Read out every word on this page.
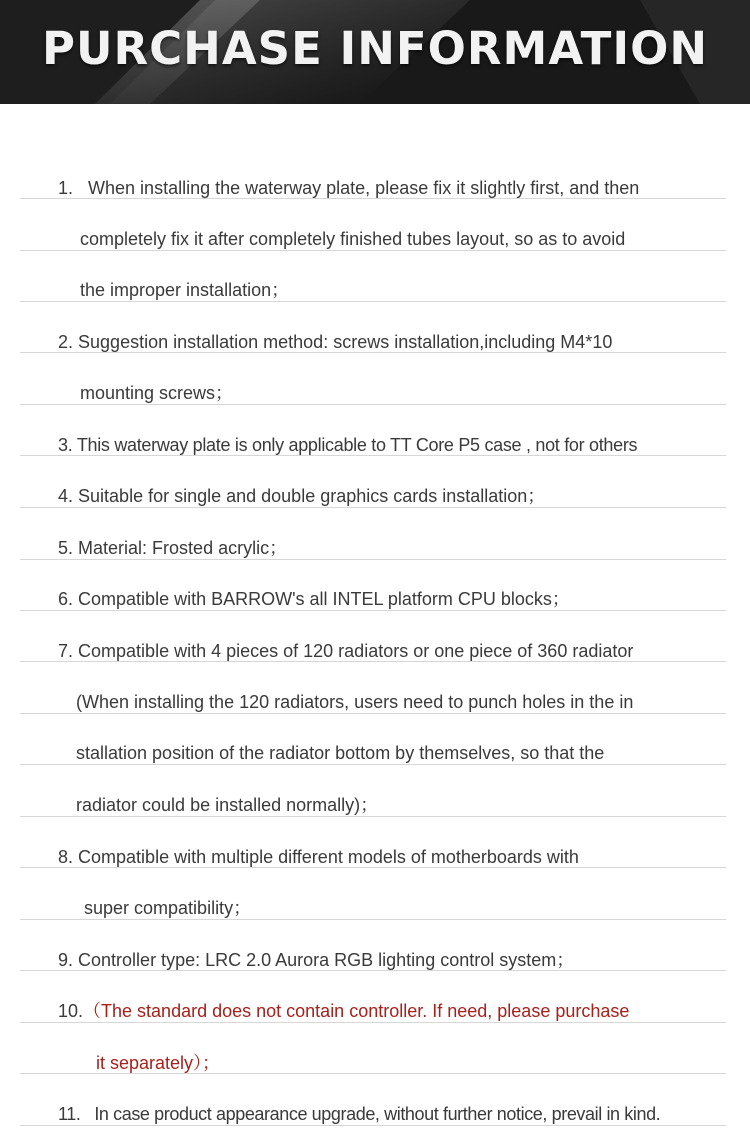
PURCHASE INFORMATION
1. When installing the waterway plate, please fix it slightly first, and then
completely fix it after completely finished tubes layout, so as to avoid
the improper installation；
2. Suggestion installation method: screws installation,including M4*10
mounting screws；
3. This waterway plate is only applicable to TT Core P5 case , not for others
4. Suitable for single and double graphics cards installation；
5. Material: Frosted acrylic；
6. Compatible with BARROW's all INTEL platform CPU blocks；
7. Compatible with 4 pieces of 120 radiators or one piece of 360 radiator
(When installing the 120 radiators, users need to punch holes in the in
stallation position of the radiator bottom by themselves, so that the
radiator could be installed normally)；
8. Compatible with multiple different models of motherboards with
super compatibility；
9. Controller type: LRC 2.0 Aurora RGB lighting control system；
10.（The standard does not contain controller. If need, please purchase
it separately）；
11. In case product appearance upgrade, without further notice, prevail in kind.
